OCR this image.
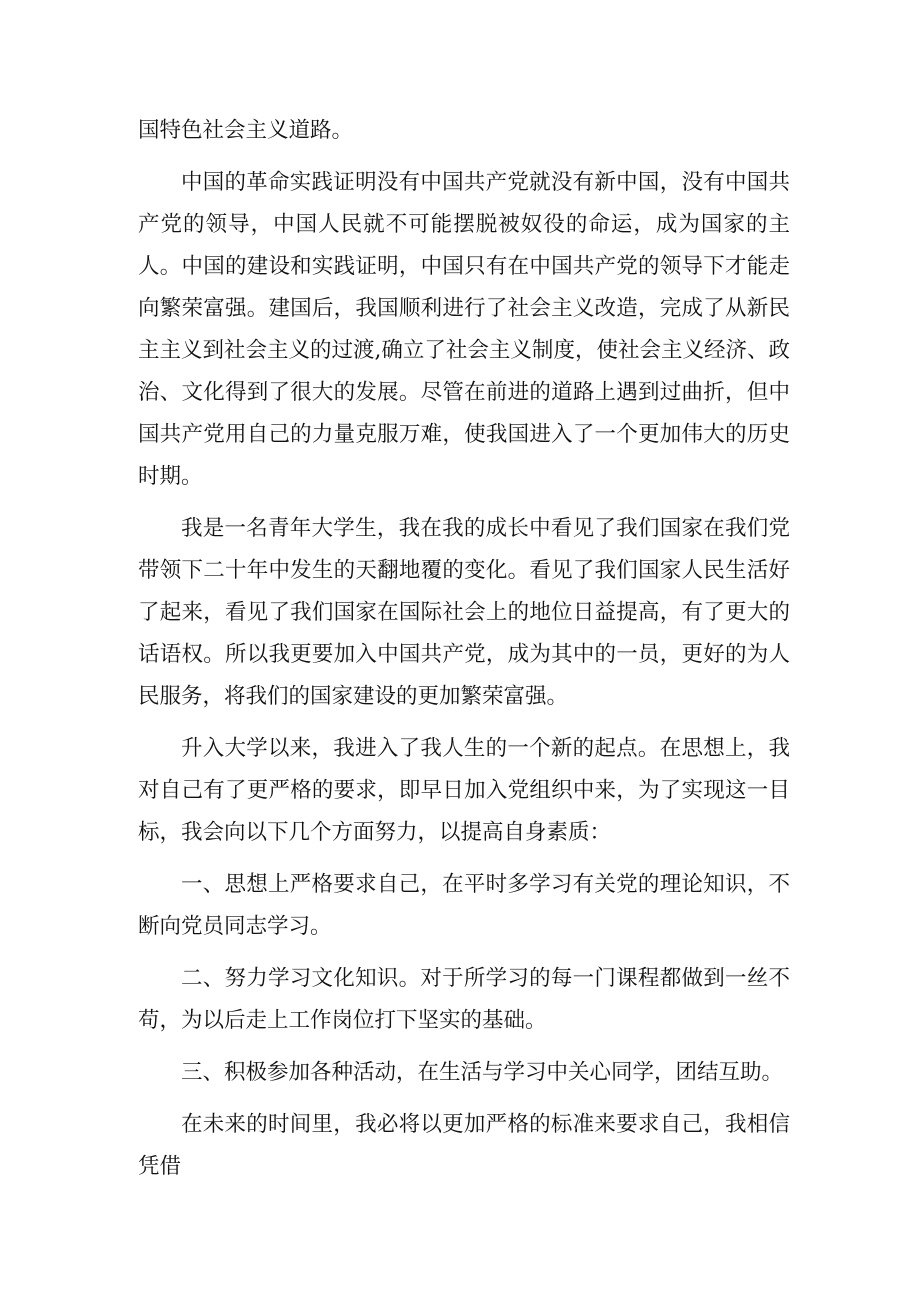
国特色社会主义道路。

中国的革命实践证明没有中国共产党就没有新中国，没有中国共产党的领导，中国人民就不可能摆脱被奴役的命运，成为国家的主人。中国的建设和实践证明，中国只有在中国共产党的领导下才能走向繁荣富强。建国后，我国顺利进行了社会主义改造，完成了从新民主主义到社会主义的过渡,确立了社会主义制度，使社会主义经济、政治、文化得到了很大的发展。尽管在前进的道路上遇到过曲折，但中国共产党用自己的力量克服万难，使我国进入了一个更加伟大的历史时期。

我是一名青年大学生，我在我的成长中看见了我们国家在我们党带领下二十年中发生的天翻地覆的变化。看见了我们国家人民生活好了起来，看见了我们国家在国际社会上的地位日益提高，有了更大的话语权。所以我更要加入中国共产党，成为其中的一员，更好的为人民服务，将我们的国家建设的更加繁荣富强。

升入大学以来，我进入了我人生的一个新的起点。在思想上，我对自己有了更严格的要求，即早日加入党组织中来，为了实现这一目标，我会向以下几个方面努力，以提高自身素质：

一、思想上严格要求自己，在平时多学习有关党的理论知识，不断向党员同志学习。

二、努力学习文化知识。对于所学习的每一门课程都做到一丝不苟，为以后走上工作岗位打下坚实的基础。

三、积极参加各种活动，在生活与学习中关心同学，团结互助。

在未来的时间里，我必将以更加严格的标准来要求自己，我相信凭借
